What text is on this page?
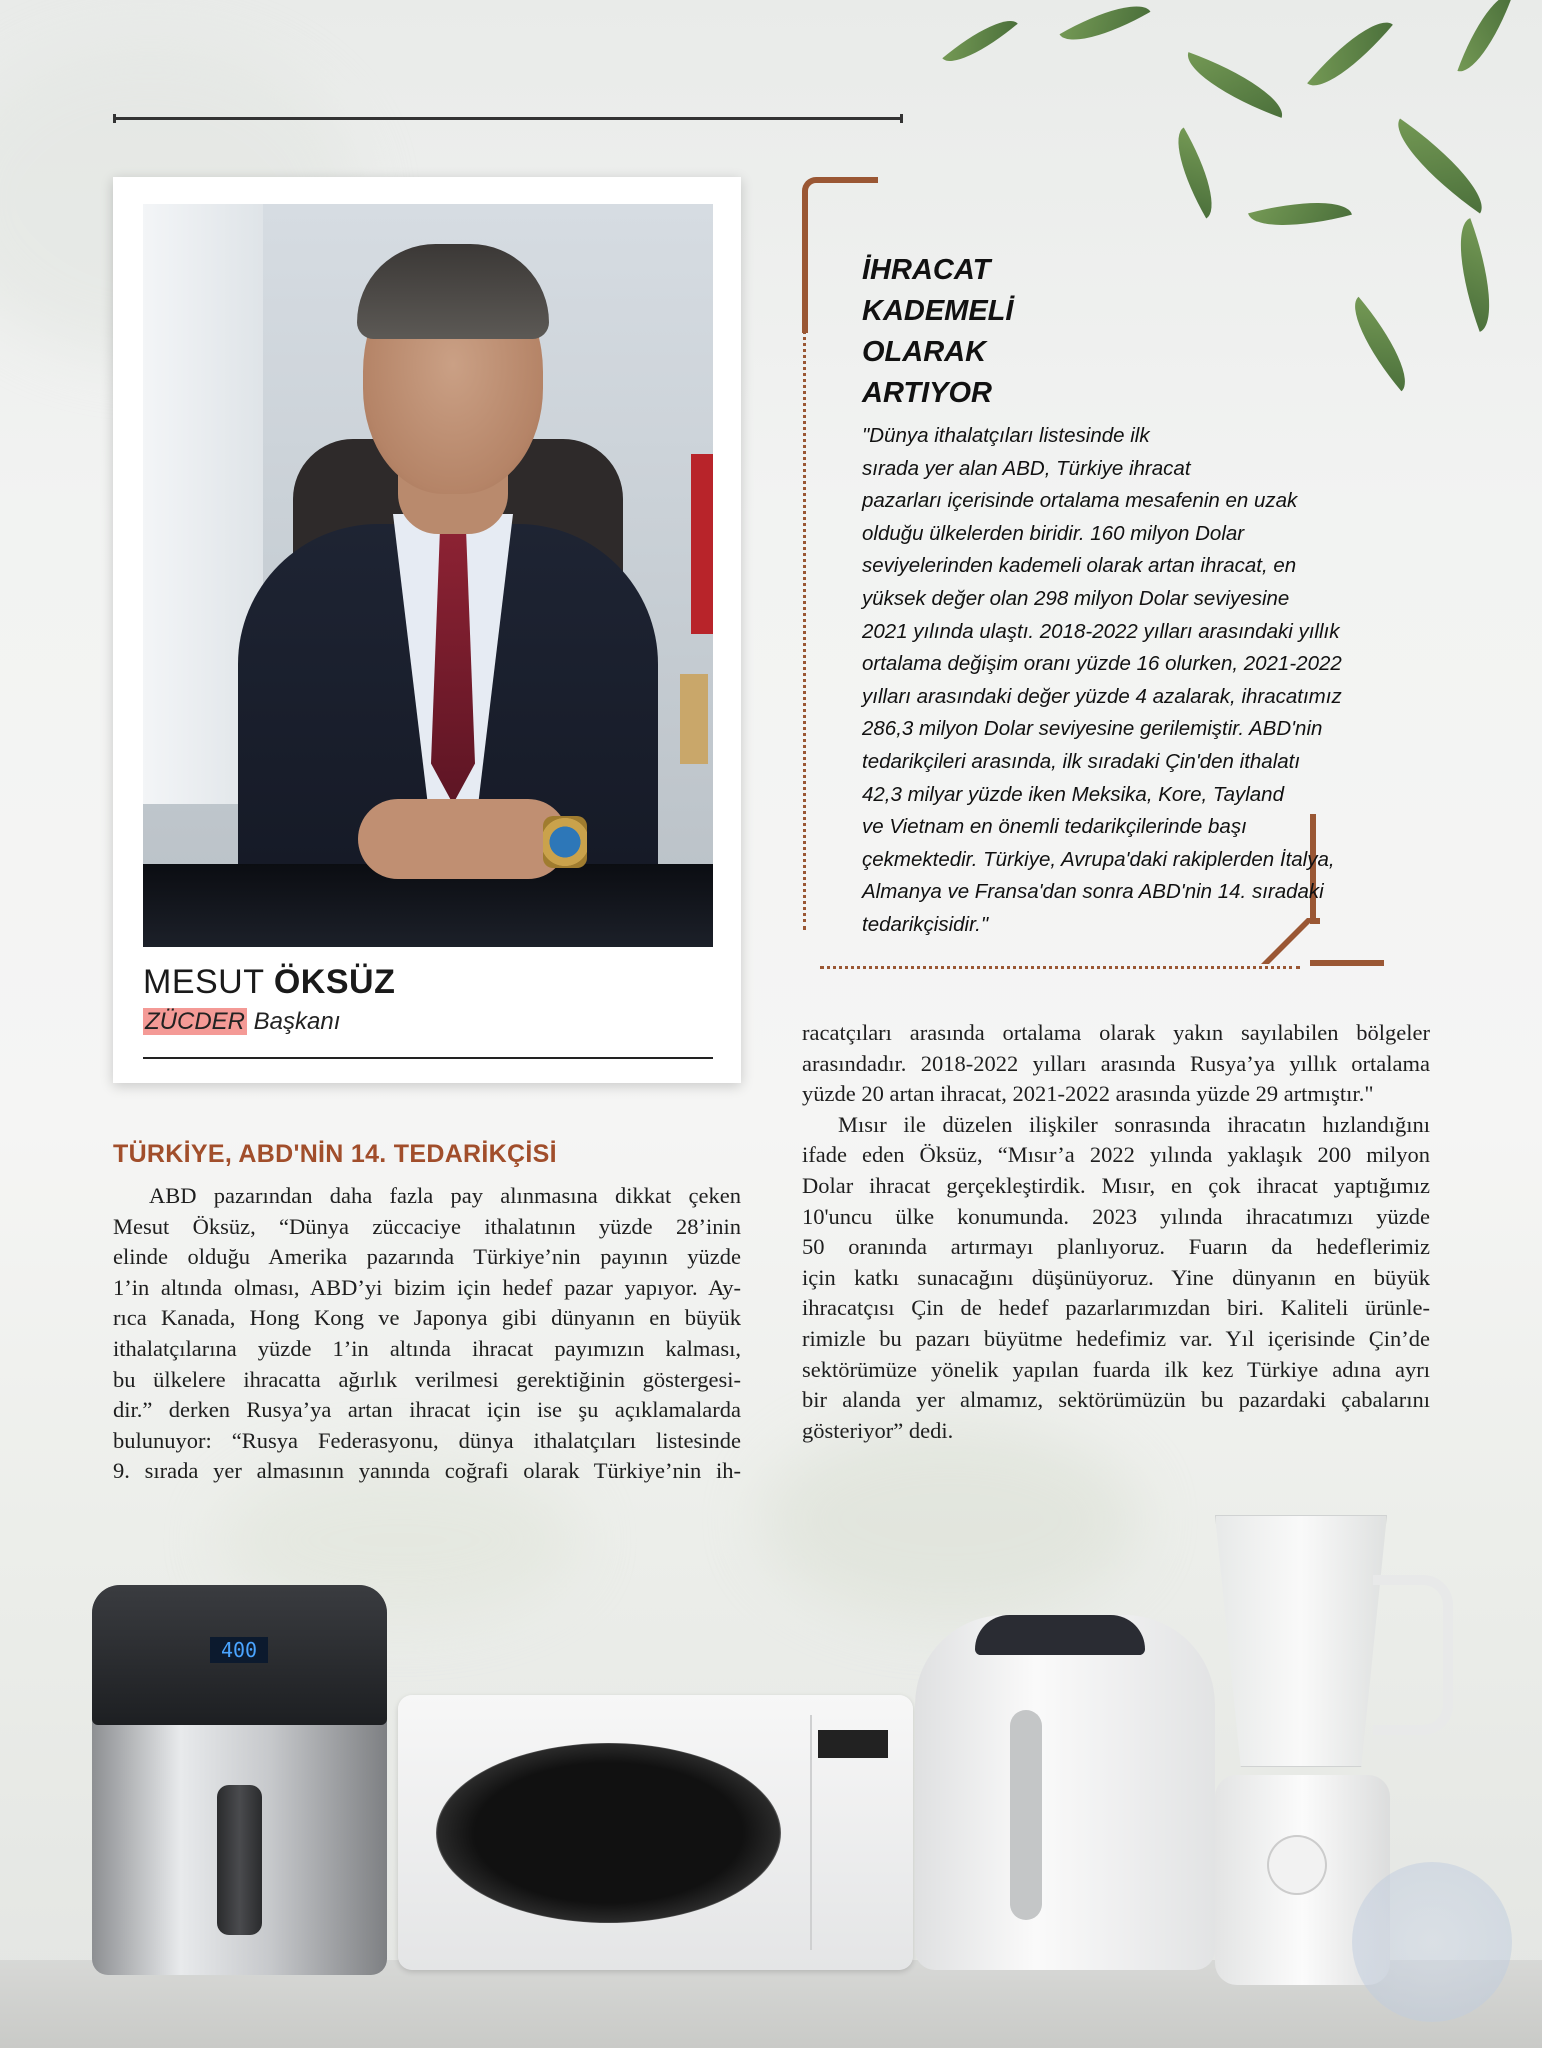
MESUT ÖKSÜZ
ZÜCDER Başkanı
İHRACAT
KADEMELİ
OLARAK
ARTIYOR
"Dünya ithalatçıları listesinde ilk
sırada yer alan ABD, Türkiye ihracat
pazarları içerisinde ortalama mesafenin en uzak
olduğu ülkelerden biridir. 160 milyon Dolar
seviyelerinden kademeli olarak artan ihracat, en
yüksek değer olan 298 milyon Dolar seviyesine
2021 yılında ulaştı. 2018-2022 yılları arasındaki yıllık
ortalama değişim oranı yüzde 16 olurken, 2021-2022
yılları arasındaki değer yüzde 4 azalarak, ihracatımız
286,3 milyon Dolar seviyesine gerilemiştir. ABD'nin
tedarikçileri arasında, ilk sıradaki Çin'den ithalatı
42,3 milyar yüzde iken Meksika, Kore, Tayland
ve Vietnam en önemli tedarikçilerinde başı
çekmektedir. Türkiye, Avrupa'daki rakiplerden İtalya,
Almanya ve Fransa'dan sonra ABD'nin 14. sıradaki
tedarikçisidir."
TÜRKİYE, ABD'NİN 14. TEDARİKÇİSİ
ABD pazarından daha fazla pay alınmasına dikkat çeken
Mesut Öksüz, “Dünya züccaciye ithalatının yüzde 28’inin
elinde olduğu Amerika pazarında Türkiye’nin payının yüzde
1’in altında olması, ABD’yi bizim için hedef pazar yapıyor. Ay-
rıca Kanada, Hong Kong ve Japonya gibi dünyanın en büyük
ithalatçılarına yüzde 1’in altında ihracat payımızın kalması,
bu ülkelere ihracatta ağırlık verilmesi gerektiğinin göstergesi-
dir.” derken Rusya’ya artan ihracat için ise şu açıklamalarda
bulunuyor: “Rusya Federasyonu, dünya ithalatçıları listesinde
9. sırada yer almasının yanında coğrafi olarak Türkiye’nin ih-
racatçıları arasında ortalama olarak yakın sayılabilen bölgeler
arasındadır. 2018-2022 yılları arasında Rusya’ya yıllık ortalama
yüzde 20 artan ihracat, 2021-2022 arasında yüzde 29 artmıştır."
Mısır ile düzelen ilişkiler sonrasında ihracatın hızlandığını
ifade eden Öksüz, “Mısır’a 2022 yılında yaklaşık 200 milyon
Dolar ihracat gerçekleştirdik. Mısır, en çok ihracat yaptığımız
10'uncu ülke konumunda. 2023 yılında ihracatımızı yüzde
50 oranında artırmayı planlıyoruz. Fuarın da hedeflerimiz
için katkı sunacağını düşünüyoruz. Yine dünyanın en büyük
ihracatçısı Çin de hedef pazarlarımızdan biri. Kaliteli ürünle-
rimizle bu pazarı büyütme hedefimiz var. Yıl içerisinde Çin’de
sektörümüze yönelik yapılan fuarda ilk kez Türkiye adına ayrı
bir alanda yer almamız, sektörümüzün bu pazardaki çabalarını
gösteriyor” dedi.
400
